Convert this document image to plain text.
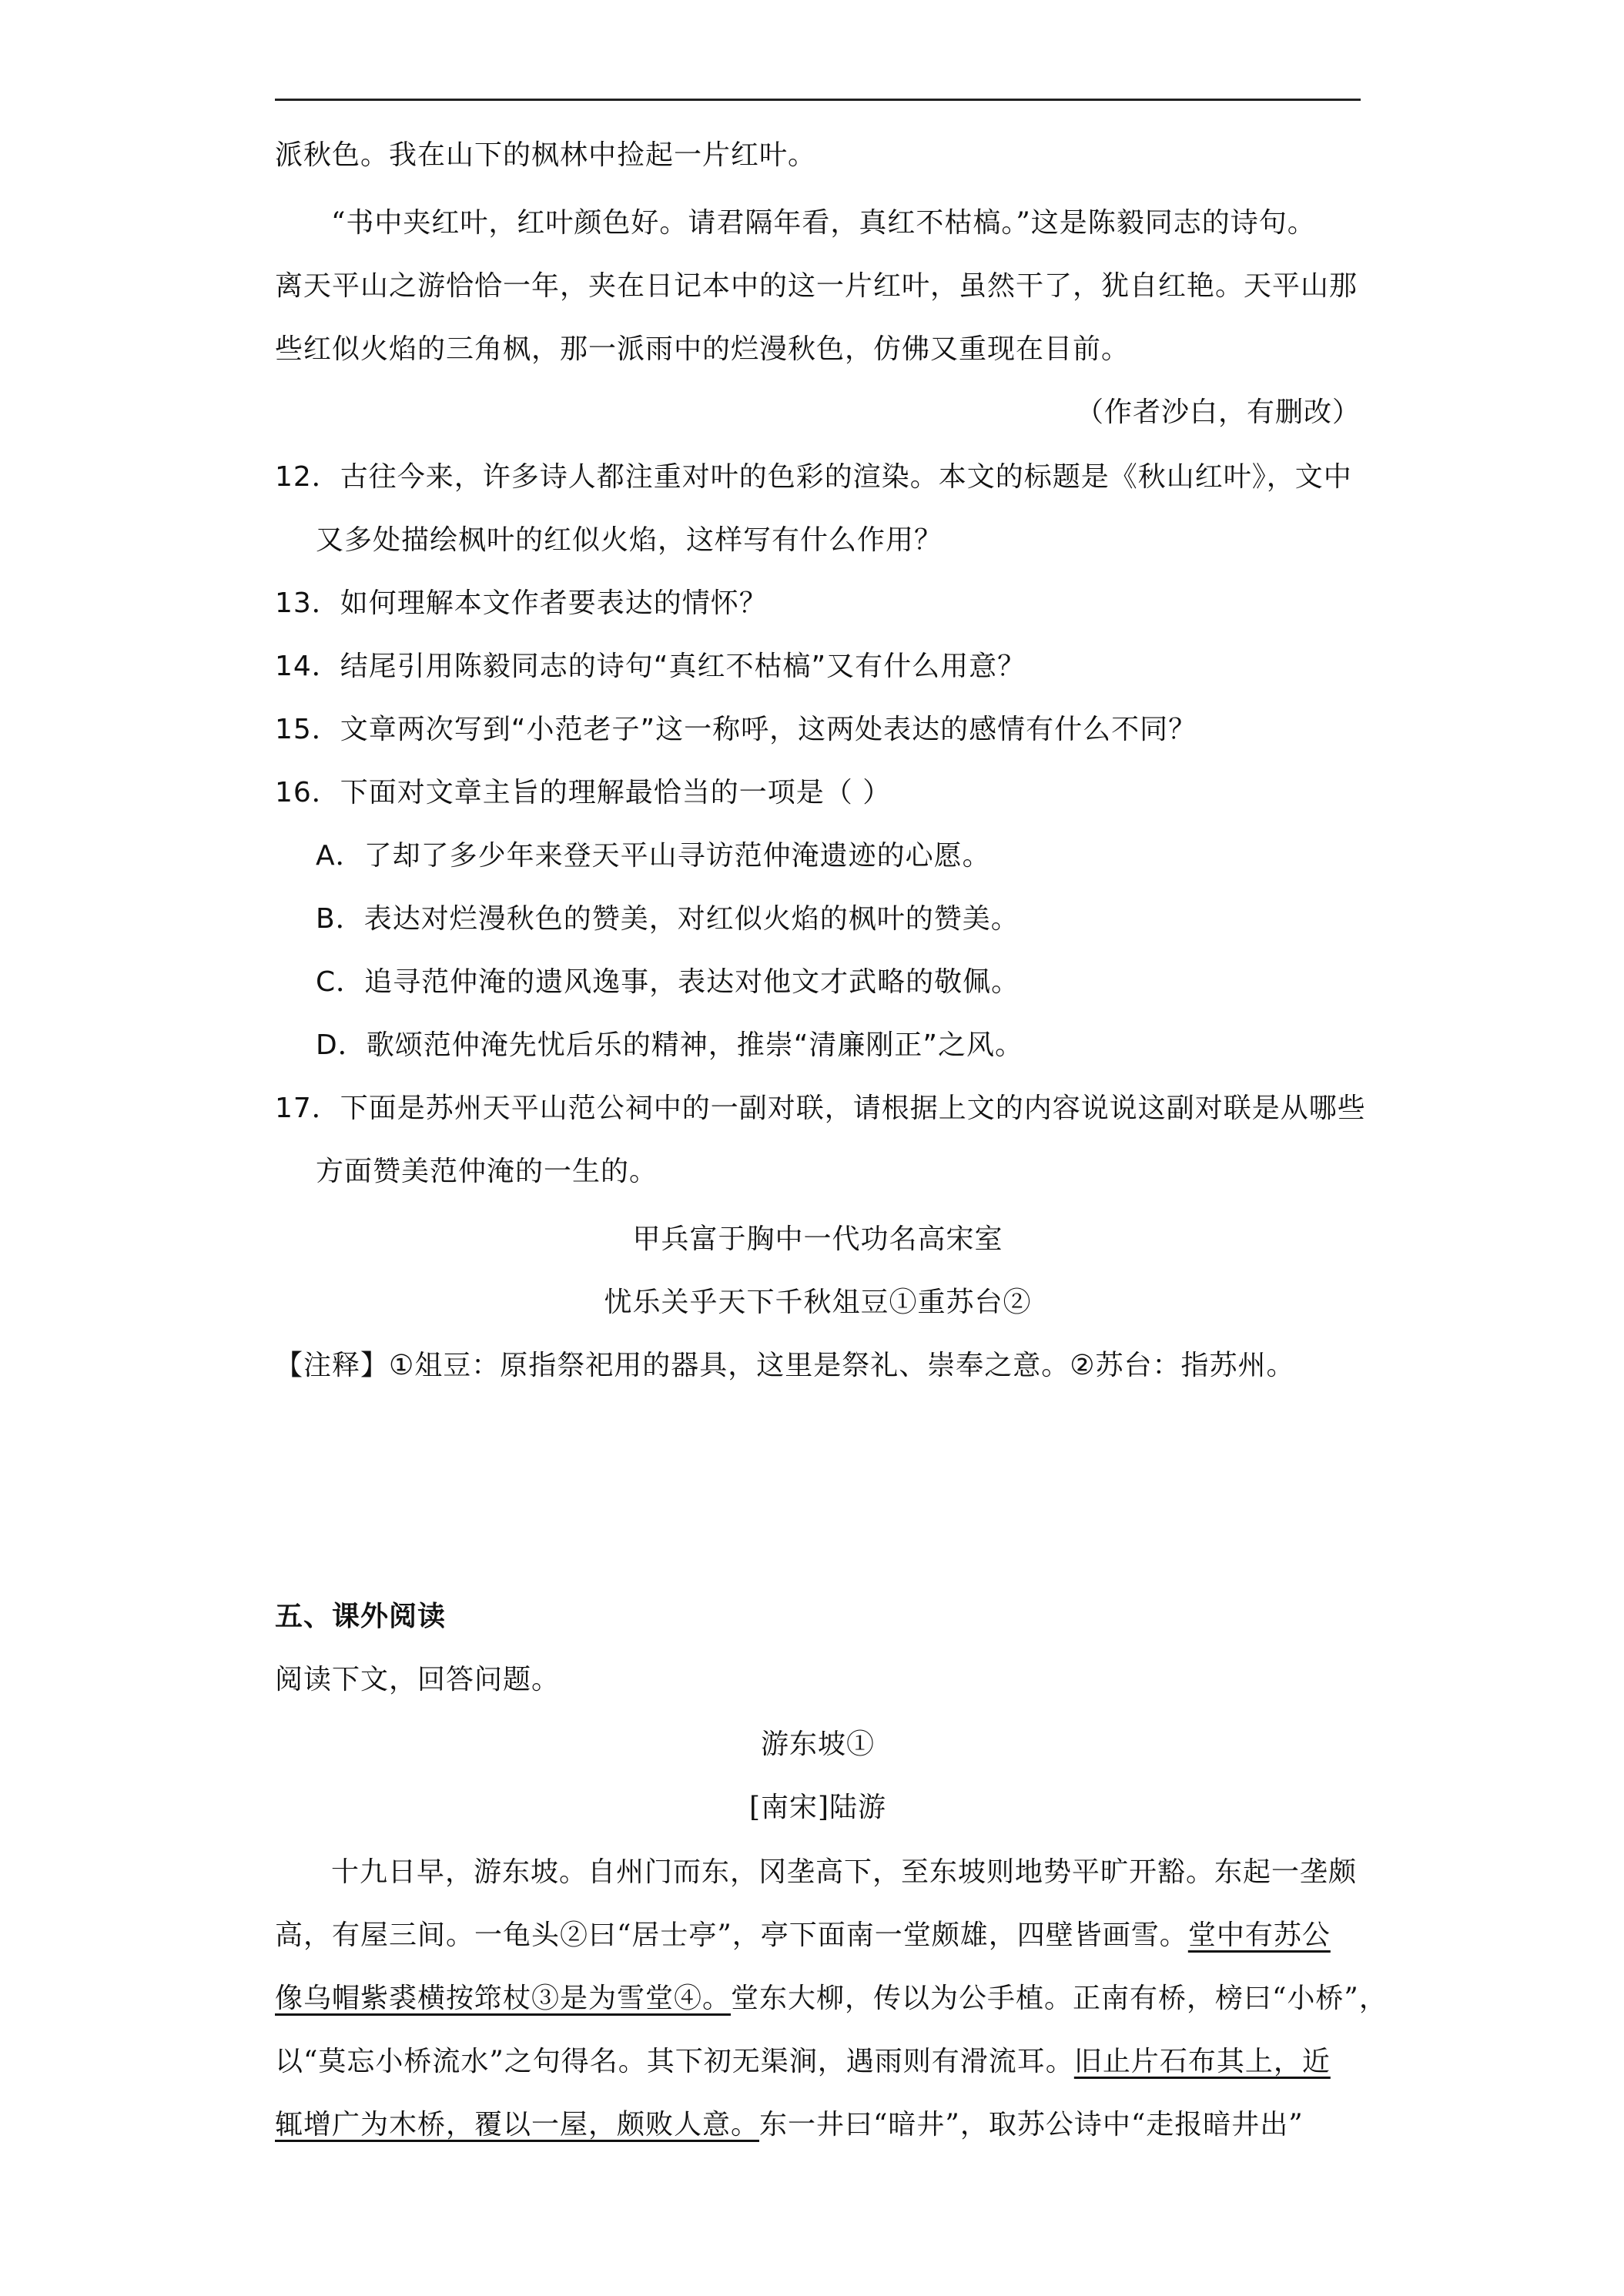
派秋色。我在山下的枫林中捡起一片红叶。
“书中夹红叶，红叶颜色好。请君隔年看，真红不枯槁。”这是陈毅同志的诗句。
离天平山之游恰恰一年，夹在日记本中的这一片红叶，虽然干了，犹自红艳。天平山那
些红似火焰的三角枫，那一派雨中的烂漫秋色，仿佛又重现在目前。
（作者沙白，有删改）
12．古往今来，许多诗人都注重对叶的色彩的渲染。本文的标题是《秋山红叶》，文中
又多处描绘枫叶的红似火焰，这样写有什么作用？
13．如何理解本文作者要表达的情怀？
14．结尾引用陈毅同志的诗句“真红不枯槁”又有什么用意？
15．文章两次写到“小范老子”这一称呼，这两处表达的感情有什么不同？
16．下面对文章主旨的理解最恰当的一项是（ ）
A．了却了多少年来登天平山寻访范仲淹遗迹的心愿。
B．表达对烂漫秋色的赞美，对红似火焰的枫叶的赞美。
C．追寻范仲淹的遗风逸事，表达对他文才武略的敬佩。
D．歌颂范仲淹先忧后乐的精神，推崇“清廉刚正”之风。
17．下面是苏州天平山范公祠中的一副对联，请根据上文的内容说说这副对联是从哪些
方面赞美范仲淹的一生的。
甲兵富于胸中一代功名高宋室
忧乐关乎天下千秋俎豆①重苏台②
【注释】①俎豆：原指祭祀用的器具，这里是祭礼、崇奉之意。②苏台：指苏州。
五、课外阅读
阅读下文，回答问题。
游东坡①
[南宋]陆游
十九日早，游东坡。自州门而东，冈垄高下，至东坡则地势平旷开豁。东起一垄颇
高，有屋三间。一龟头②曰“居士亭”，亭下面南一堂颇雄，四壁皆画雪。堂中有苏公
像乌帽紫裘横按筇杖③是为雪堂④。堂东大柳，传以为公手植。正南有桥，榜曰“小桥”，
以“莫忘小桥流水”之句得名。其下初无渠涧，遇雨则有滑流耳。旧止片石布其上，近
辄增广为木桥，覆以一屋，颇败人意。东一井曰“暗井”，取苏公诗中“走报暗井出”
